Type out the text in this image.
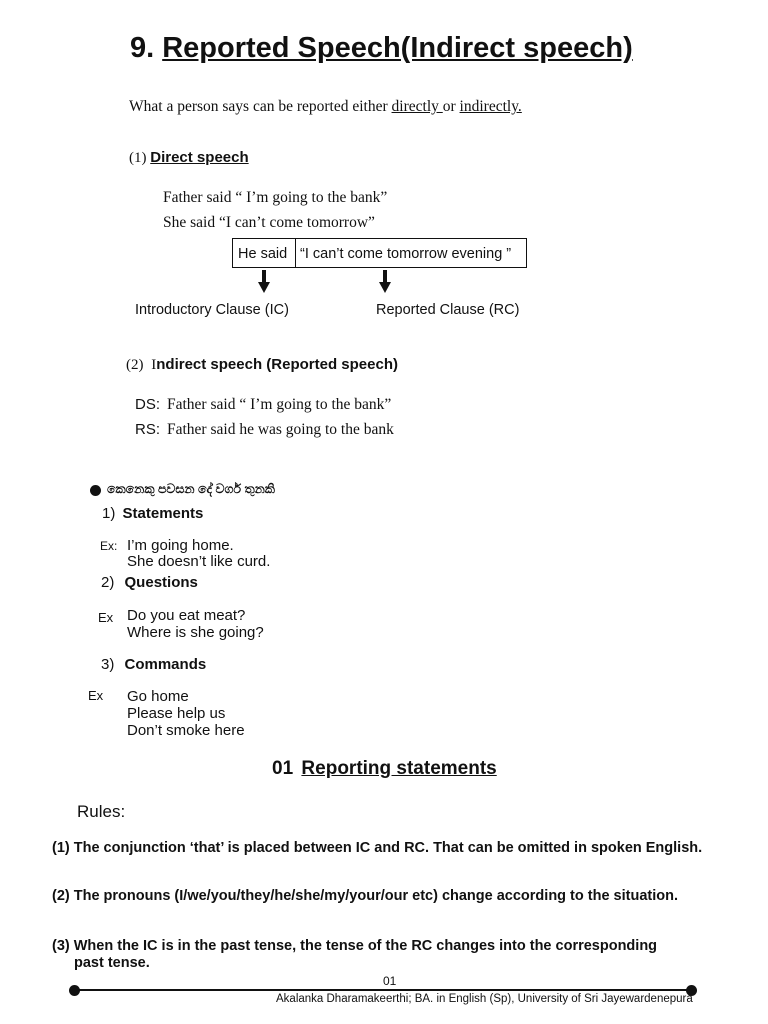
9. Reported Speech(Indirect speech)
What a person says can be reported either directly or indirectly.
(1) Direct speech
Father said “ I’m going to the bank”
She said “I can’t come tomorrow”
He said “I can’t come tomorrow evening ”
Introductory Clause (IC)	Reported Clause (RC)
(2) Indirect speech (Reported speech)
DS: Father said “ I’m going to the bank”
RS: Father said he was going to the bank
කෙනෙකු පවසන දේ වර්ග තුනකි
1) Statements
Ex: I’m going home.
She doesn’t like curd.
2) Questions
Ex Do you eat meat?
Where is she going?
3) Commands
Ex Go home
Please help us
Don’t smoke here
01 Reporting statements
Rules:
(1) The conjunction ‘that’ is placed between IC and RC. That can be omitted in spoken English.
(2) The pronouns (I/we/you/they/he/she/my/your/our etc) change according to the situation.
(3) When the IC is in the past tense, the tense of the RC changes into the corresponding
past tense.
01
Akalanka Dharamakeerthi; BA. in English (Sp), University of Sri Jayewardenepura
